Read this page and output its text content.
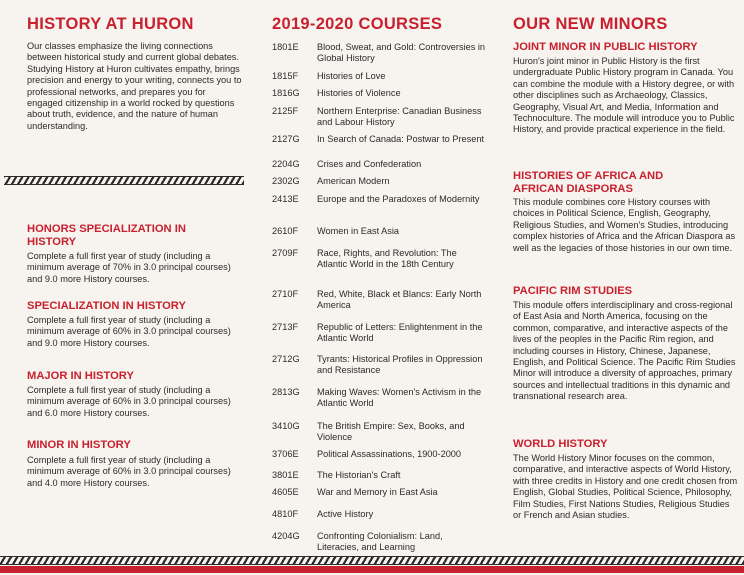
HISTORY AT HURON

Our classes emphasize the living connections between historical study and current global debates. Studying History at Huron cultivates empathy, brings precision and energy to your writing, connects you to professional networks, and prepares you for engaged citizenship in a world rocked by questions about truth, evidence, and the nature of human understanding.

HONORS SPECIALIZATION IN HISTORY

Complete a full first year of study (including a minimum average of 70% in 3.0 principal courses) and 9.0 more History courses.

SPECIALIZATION IN HISTORY

Complete a full first year of study (including a minimum average of 60% in 3.0 principal courses) and 9.0 more History courses.

MAJOR IN HISTORY

Complete a full first year of study (including a minimum average of 60% in 3.0 principal courses) and 6.0 more History courses.

MINOR IN HISTORY

Complete a full first year of study (including a minimum average of 60% in 3.0 principal courses) and 4.0 more History courses.

2019-2020 COURSES
1801E Blood, Sweat, and Gold: Controversies in Global History
1815F Histories of Love
1816G Histories of Violence
2125F Northern Enterprise: Canadian Business and Labour History
2127G In Search of Canada: Postwar to Present
2204G Crises and Confederation
2302G American Modern
2413E Europe and the Paradoxes of Modernity
2610F Women in East Asia
2709F Race, Rights, and Revolution: The Atlantic World in the 18th Century
2710F Red, White, Black et Blancs: Early North America
2713F Republic of Letters: Enlightenment in the Atlantic World
2712G Tyrants: Historical Profiles in Oppression and Resistance
2813G Making Waves: Women's Activism in the Atlantic World
3410G The British Empire: Sex, Books, and Violence
3706E Political Assassinations, 1900-2000
3801E The Historian's Craft
4605E War and Memory in East Asia
4810F Active History
4204G Confronting Colonialism: Land, Literacies, and Learning
OUR NEW MINORS
JOINT MINOR IN PUBLIC HISTORY

Huron's joint minor in Public History is the first undergraduate Public History program in Canada. You can combine the module with a History degree, or with other disciplines such as Archaeology, Classics, Geography, Visual Art, and Media, Information and Technoculture. The module will introduce you to Public History, and provide practical experience in the field.

HISTORIES OF AFRICA AND AFRICAN DIASPORAS

This module combines core History courses with choices in Political Science, English, Geography, Religious Studies, and Women's Studies, introducing complex histories of Africa and the African Diaspora as well as the legacies of those histories in our own time.

PACIFIC RIM STUDIES

This module offers interdisciplinary and cross-regional of East Asia and North America, focusing on the common, comparative, and interactive aspects of the lives of the peoples in the Pacific Rim region, and including courses in History, Chinese, Japanese, English, and Political Science. The Pacific Rim Studies Minor will introduce a diversity of approaches, primary sources and intellectual traditions in this dynamic and transnational research area.

WORLD HISTORY

The World History Minor focuses on the common, comparative, and interactive aspects of World History, with three credits in History and one credit chosen from English, Global Studies, Political Science, Philosophy, Film Studies, First Nations Studies, Religious Studies or French and Asian studies.
